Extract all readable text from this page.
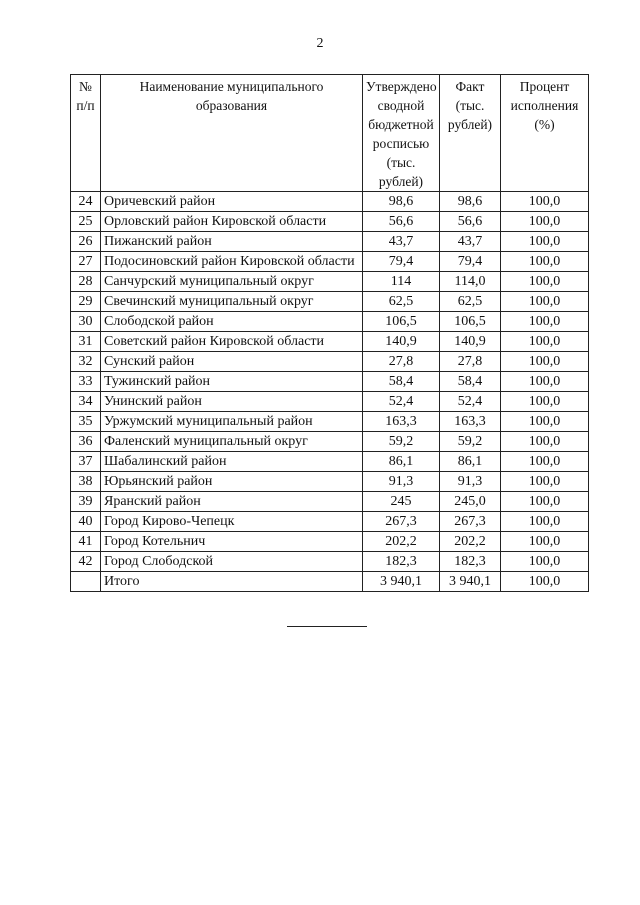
2
№ п/п	Наименование муниципального образования	Утверждено сводной бюджетной росписью (тыс. рублей)	Факт (тыс. рублей)	Процент исполнения (%)
24	Оричевский район	98,6	98,6	100,0
25	Орловский район Кировской области	56,6	56,6	100,0
26	Пижанский район	43,7	43,7	100,0
27	Подосиновский район Кировской области	79,4	79,4	100,0
28	Санчурский муниципальный округ	114	114,0	100,0
29	Свечинский муниципальный округ	62,5	62,5	100,0
30	Слободской район	106,5	106,5	100,0
31	Советский район Кировской области	140,9	140,9	100,0
32	Сунский район	27,8	27,8	100,0
33	Тужинский район	58,4	58,4	100,0
34	Унинский район	52,4	52,4	100,0
35	Уржумский муниципальный район	163,3	163,3	100,0
36	Фаленский муниципальный округ	59,2	59,2	100,0
37	Шабалинский район	86,1	86,1	100,0
38	Юрьянский район	91,3	91,3	100,0
39	Яранский район	245	245,0	100,0
40	Город Кирово-Чепецк	267,3	267,3	100,0
41	Город Котельнич	202,2	202,2	100,0
42	Город Слободской	182,3	182,3	100,0
	Итого	3 940,1	3 940,1	100,0
